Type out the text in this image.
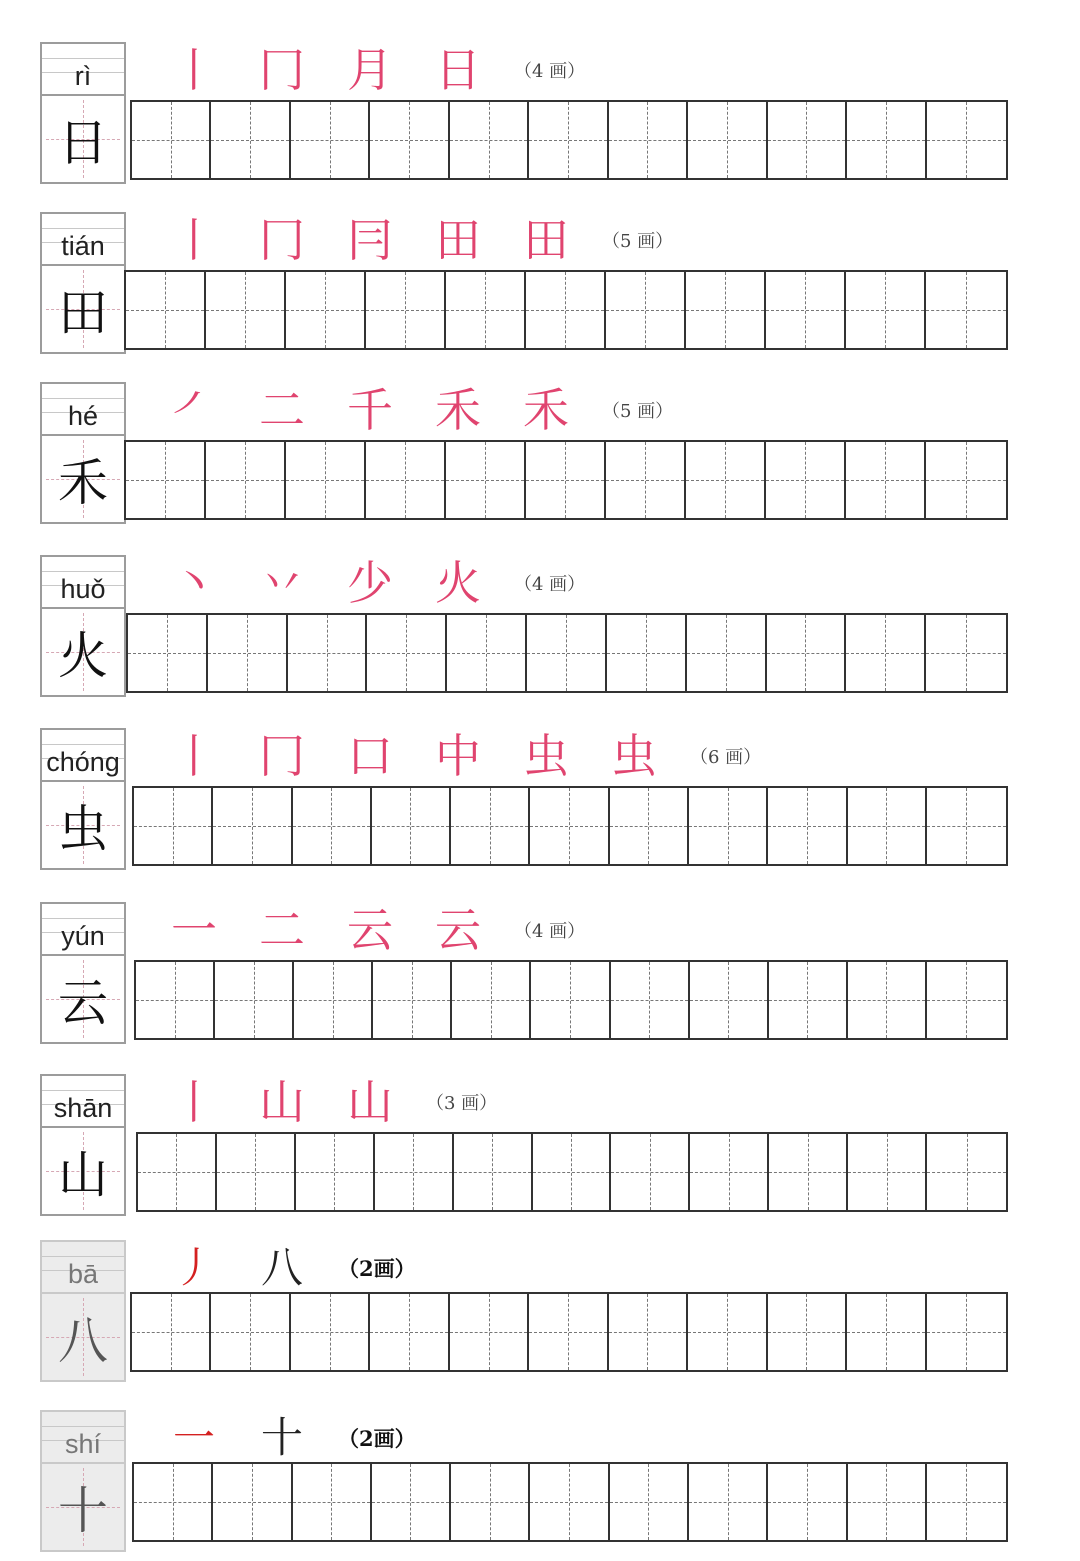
rì
日
丨 冂 月 日	（4 画）
tián
田
丨 冂 冃 田 田	（5 画）
hé
禾
㇒ 二 千 禾 禾	（5 画）
huǒ
火
丶 丷 少 火	（4 画）
chóng
虫
丨 冂 口 中 虫 虫	（6 画）
yún
云
一 二 云 云	（4 画）
shān
山
丨 山 山	（3 画）
bā
八
丿	八	（2画）
shí
十
一	十	（2画）
